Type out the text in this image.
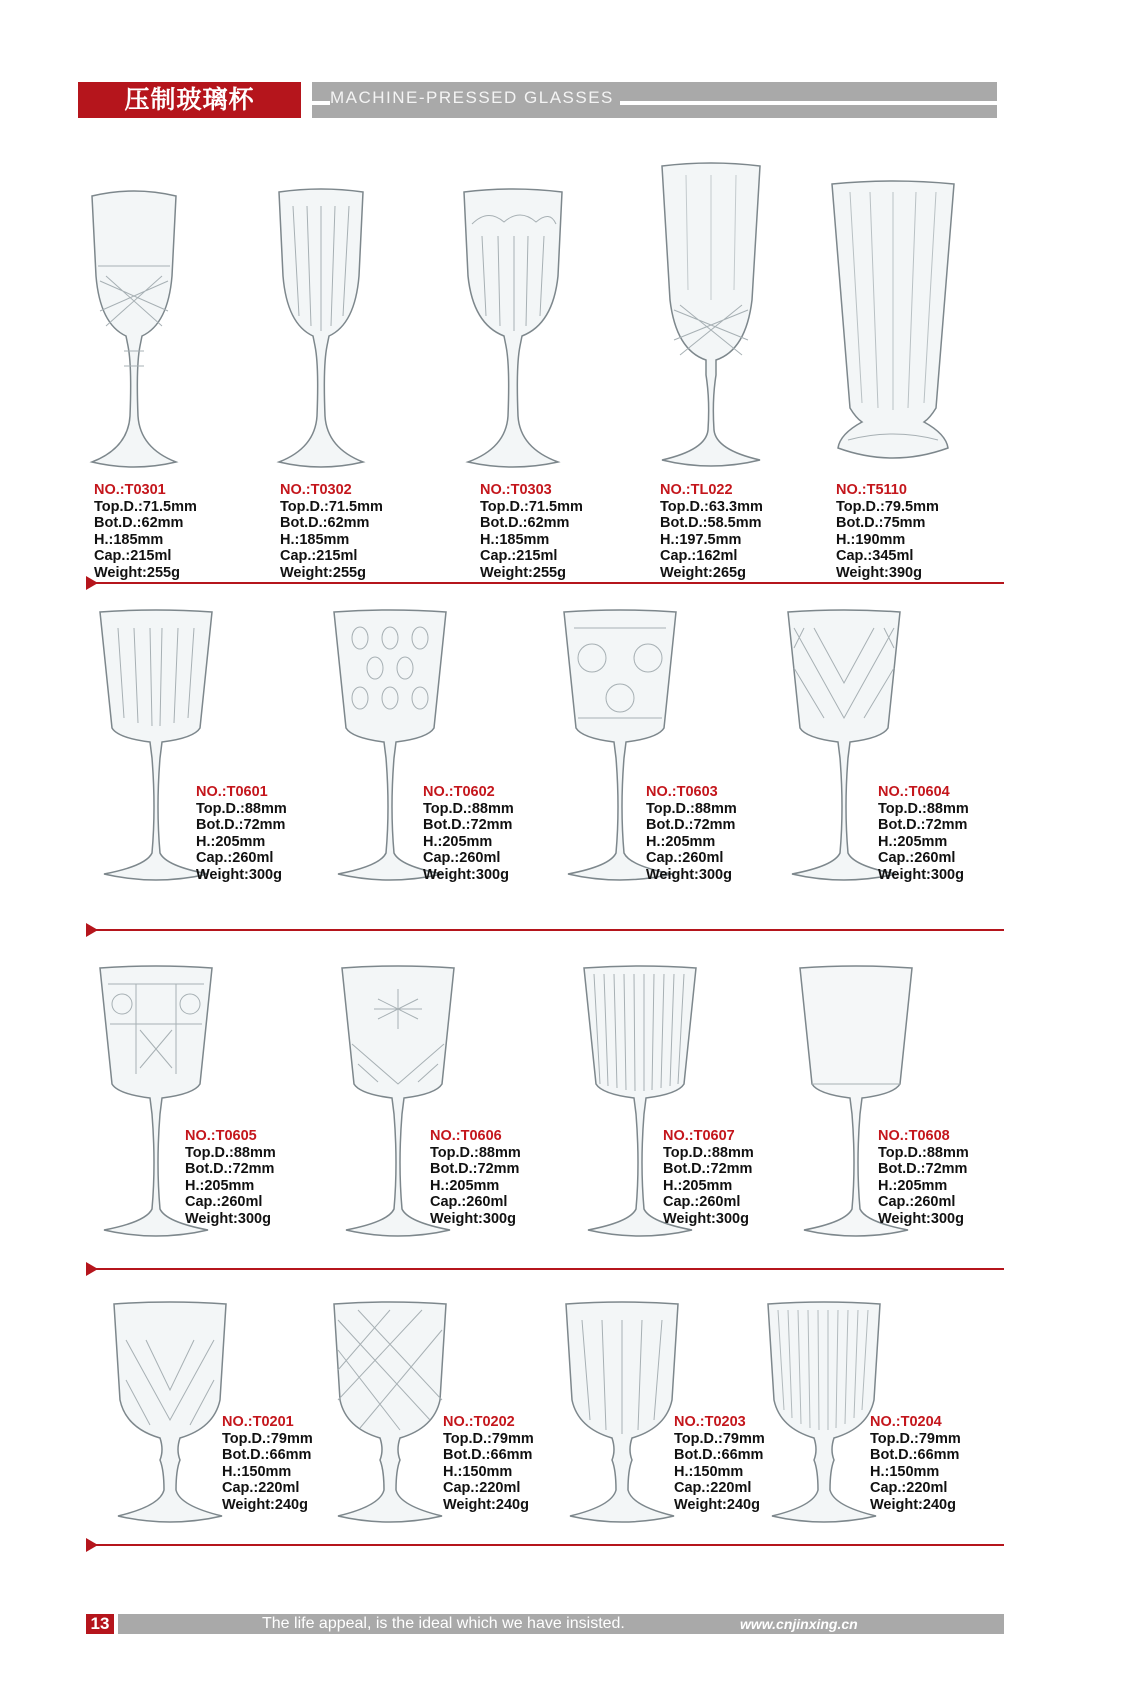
压制玻璃杯	MACHINE-PRESSED GLASSES
NO.:T0301
Top.D.:71.5mm
Bot.D.:62mm
H.:185mm
Cap.:215ml
Weight:255g
NO.:T0302
Top.D.:71.5mm
Bot.D.:62mm
H.:185mm
Cap.:215ml
Weight:255g
NO.:T0303
Top.D.:71.5mm
Bot.D.:62mm
H.:185mm
Cap.:215ml
Weight:255g
NO.:TL022
Top.D.:63.3mm
Bot.D.:58.5mm
H.:197.5mm
Cap.:162ml
Weight:265g
NO.:T5110
Top.D.:79.5mm
Bot.D.:75mm
H.:190mm
Cap.:345ml
Weight:390g
NO.:T0601
Top.D.:88mm
Bot.D.:72mm
H.:205mm
Cap.:260ml
Weight:300g
NO.:T0602
Top.D.:88mm
Bot.D.:72mm
H.:205mm
Cap.:260ml
Weight:300g
NO.:T0603
Top.D.:88mm
Bot.D.:72mm
H.:205mm
Cap.:260ml
Weight:300g
NO.:T0604
Top.D.:88mm
Bot.D.:72mm
H.:205mm
Cap.:260ml
Weight:300g
NO.:T0605
Top.D.:88mm
Bot.D.:72mm
H.:205mm
Cap.:260ml
Weight:300g
NO.:T0606
Top.D.:88mm
Bot.D.:72mm
H.:205mm
Cap.:260ml
Weight:300g
NO.:T0607
Top.D.:88mm
Bot.D.:72mm
H.:205mm
Cap.:260ml
Weight:300g
NO.:T0608
Top.D.:88mm
Bot.D.:72mm
H.:205mm
Cap.:260ml
Weight:300g
NO.:T0201
Top.D.:79mm
Bot.D.:66mm
H.:150mm
Cap.:220ml
Weight:240g
NO.:T0202
Top.D.:79mm
Bot.D.:66mm
H.:150mm
Cap.:220ml
Weight:240g
NO.:T0203
Top.D.:79mm
Bot.D.:66mm
H.:150mm
Cap.:220ml
Weight:240g
NO.:T0204
Top.D.:79mm
Bot.D.:66mm
H.:150mm
Cap.:220ml
Weight:240g
13	The life appeal, is the ideal which we have insisted.	www.cnjinxing.cn
